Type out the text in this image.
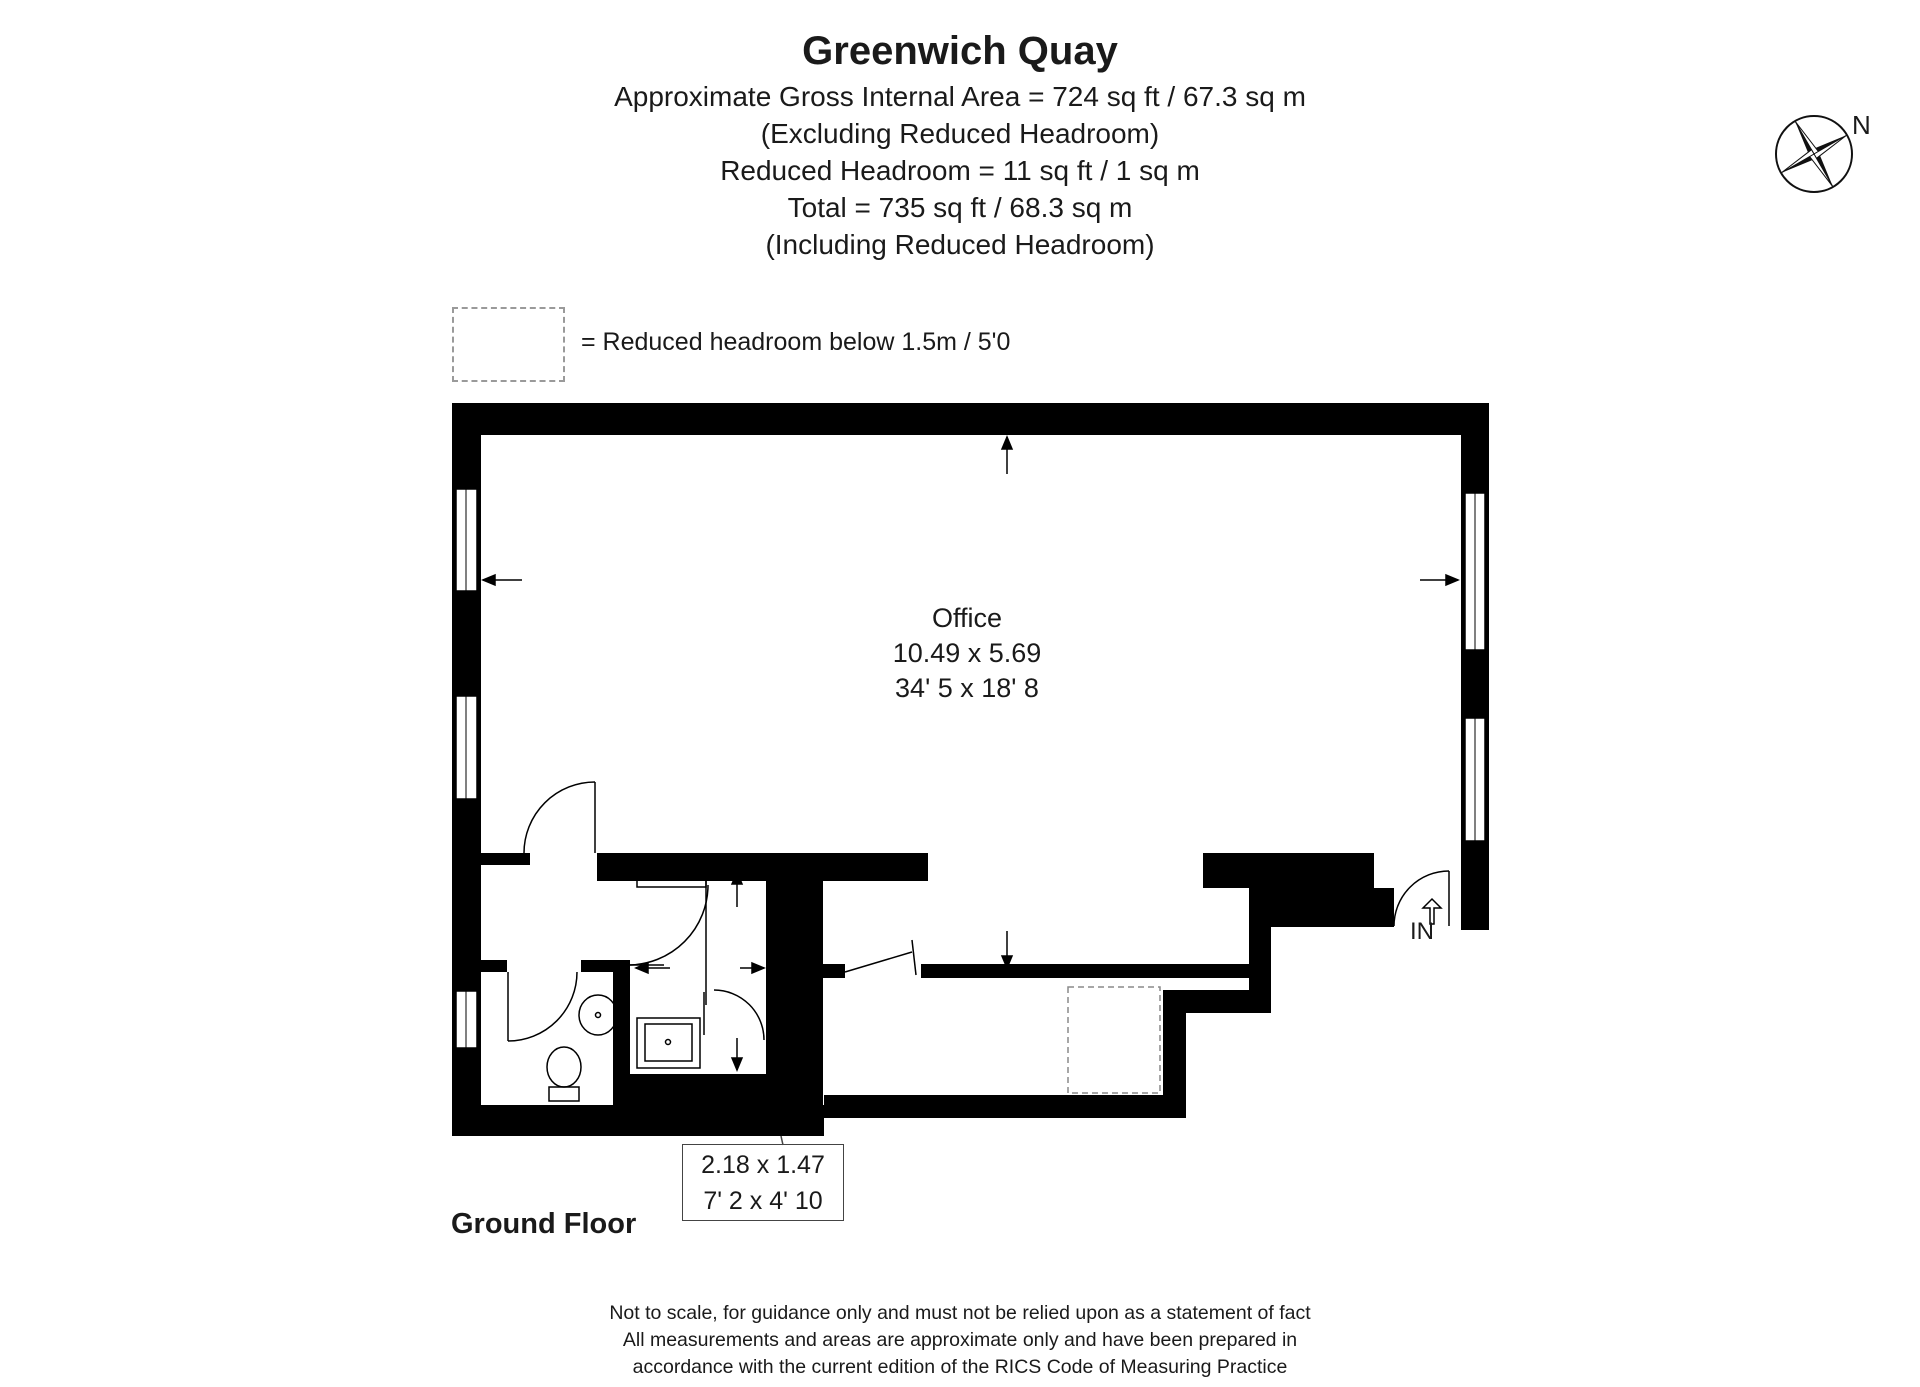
Greenwich Quay
Approximate Gross Internal Area = 724 sq ft / 67.3 sq m
(Excluding Reduced Headroom)
Reduced Headroom = 11 sq ft / 1 sq m
Total = 735 sq ft / 68.3 sq m
(Including Reduced Headroom)
N
= Reduced headroom below 1.5m / 5'0
Office
10.49 x 5.69
34' 5 x 18' 8
2.18 x 1.47
7' 2 x 4' 10
IN
Ground Floor
Not to scale, for guidance only and must not be relied upon as a statement of fact
All measurements and areas are approximate only and have been prepared in
accordance with the current edition of the RICS Code of Measuring Practice
